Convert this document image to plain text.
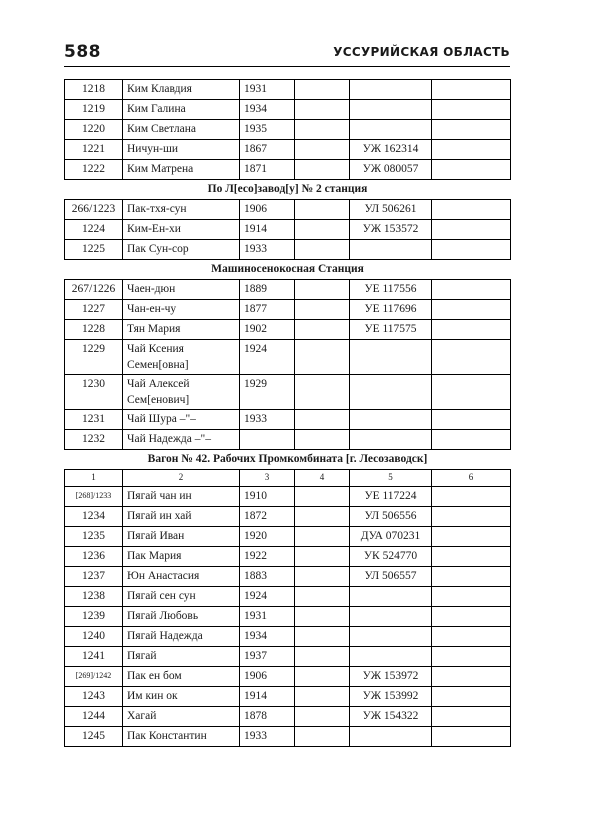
588	УССУРИЙСКАЯ ОБЛАСТЬ
1218	Ким Клавдия	1931			
1219	Ким Галина	1934			
1220	Ким Светлана	1935			
1221	Ничун-ши	1867		УЖ 162314	
1222	Ким Матрена	1871		УЖ 080057	
По Л[есо]завод[у] № 2 станция					
266/1223	Пак-тхя-сун	1906		УЛ 506261	
1224	Ким-Ен-хи	1914		УЖ 153572	
1225	Пак Сун-сор	1933			
Машиносенокосная Станция					
267/1226	Чаен-дюн	1889		УЕ 117556	
1227	Чан-ен-чу	1877		УЕ 117696	
1228	Тян Мария	1902		УЕ 117575	
1229	Чай Ксения Семен[овна]	1924			
1230	Чай Алексей Сем[енович]	1929			
1231	Чай Шура –"–	1933			
1232	Чай Надежда –"–				
Вагон № 42. Рабочих Промкомбината [г. Лесозаводск]					
1	2	3	4	5	6
[268]/1233	Пягай чан ин	1910		УЕ 117224	
1234	Пягай ин хай	1872		УЛ 506556	
1235	Пягай Иван	1920		ДУА 070231	
1236	Пак Мария	1922		УК 524770	
1237	Юн Анастасия	1883		УЛ 506557	
1238	Пягай сен сун	1924			
1239	Пягай Любовь	1931			
1240	Пягай Надежда	1934			
1241	Пягай	1937			
[269]/1242	Пак ен бом	1906		УЖ 153972	
1243	Им кин ок	1914		УЖ 153992	
1244	Хагай	1878		УЖ 154322	
1245	Пак Константин	1933			
